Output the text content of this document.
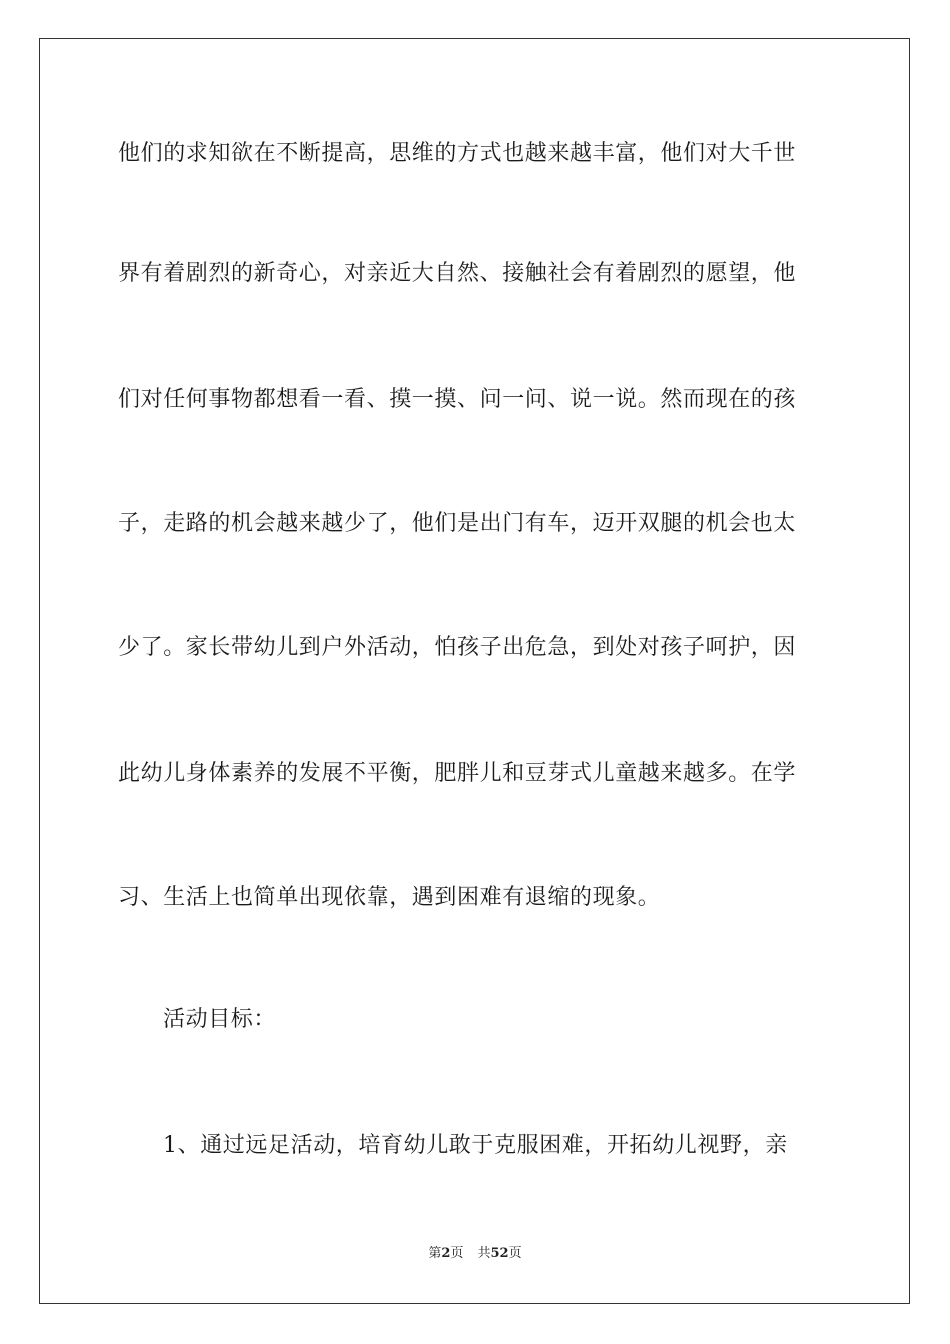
他们的求知欲在不断提高，思维的方式也越来越丰富，他们对大千世
界有着剧烈的新奇心，对亲近大自然、接触社会有着剧烈的愿望，他
们对任何事物都想看一看、摸一摸、问一问、说一说。然而现在的孩
子，走路的机会越来越少了，他们是出门有车，迈开双腿的机会也太
少了。家长带幼儿到户外活动，怕孩子出危急，到处对孩子呵护，因
此幼儿身体素养的发展不平衡，肥胖儿和豆芽式儿童越来越多。在学
习、生活上也简单出现依靠，遇到困难有退缩的现象。
活动目标：
1、通过远足活动，培育幼儿敢于克服困难，开拓幼儿视野，亲
第2页 共52页
